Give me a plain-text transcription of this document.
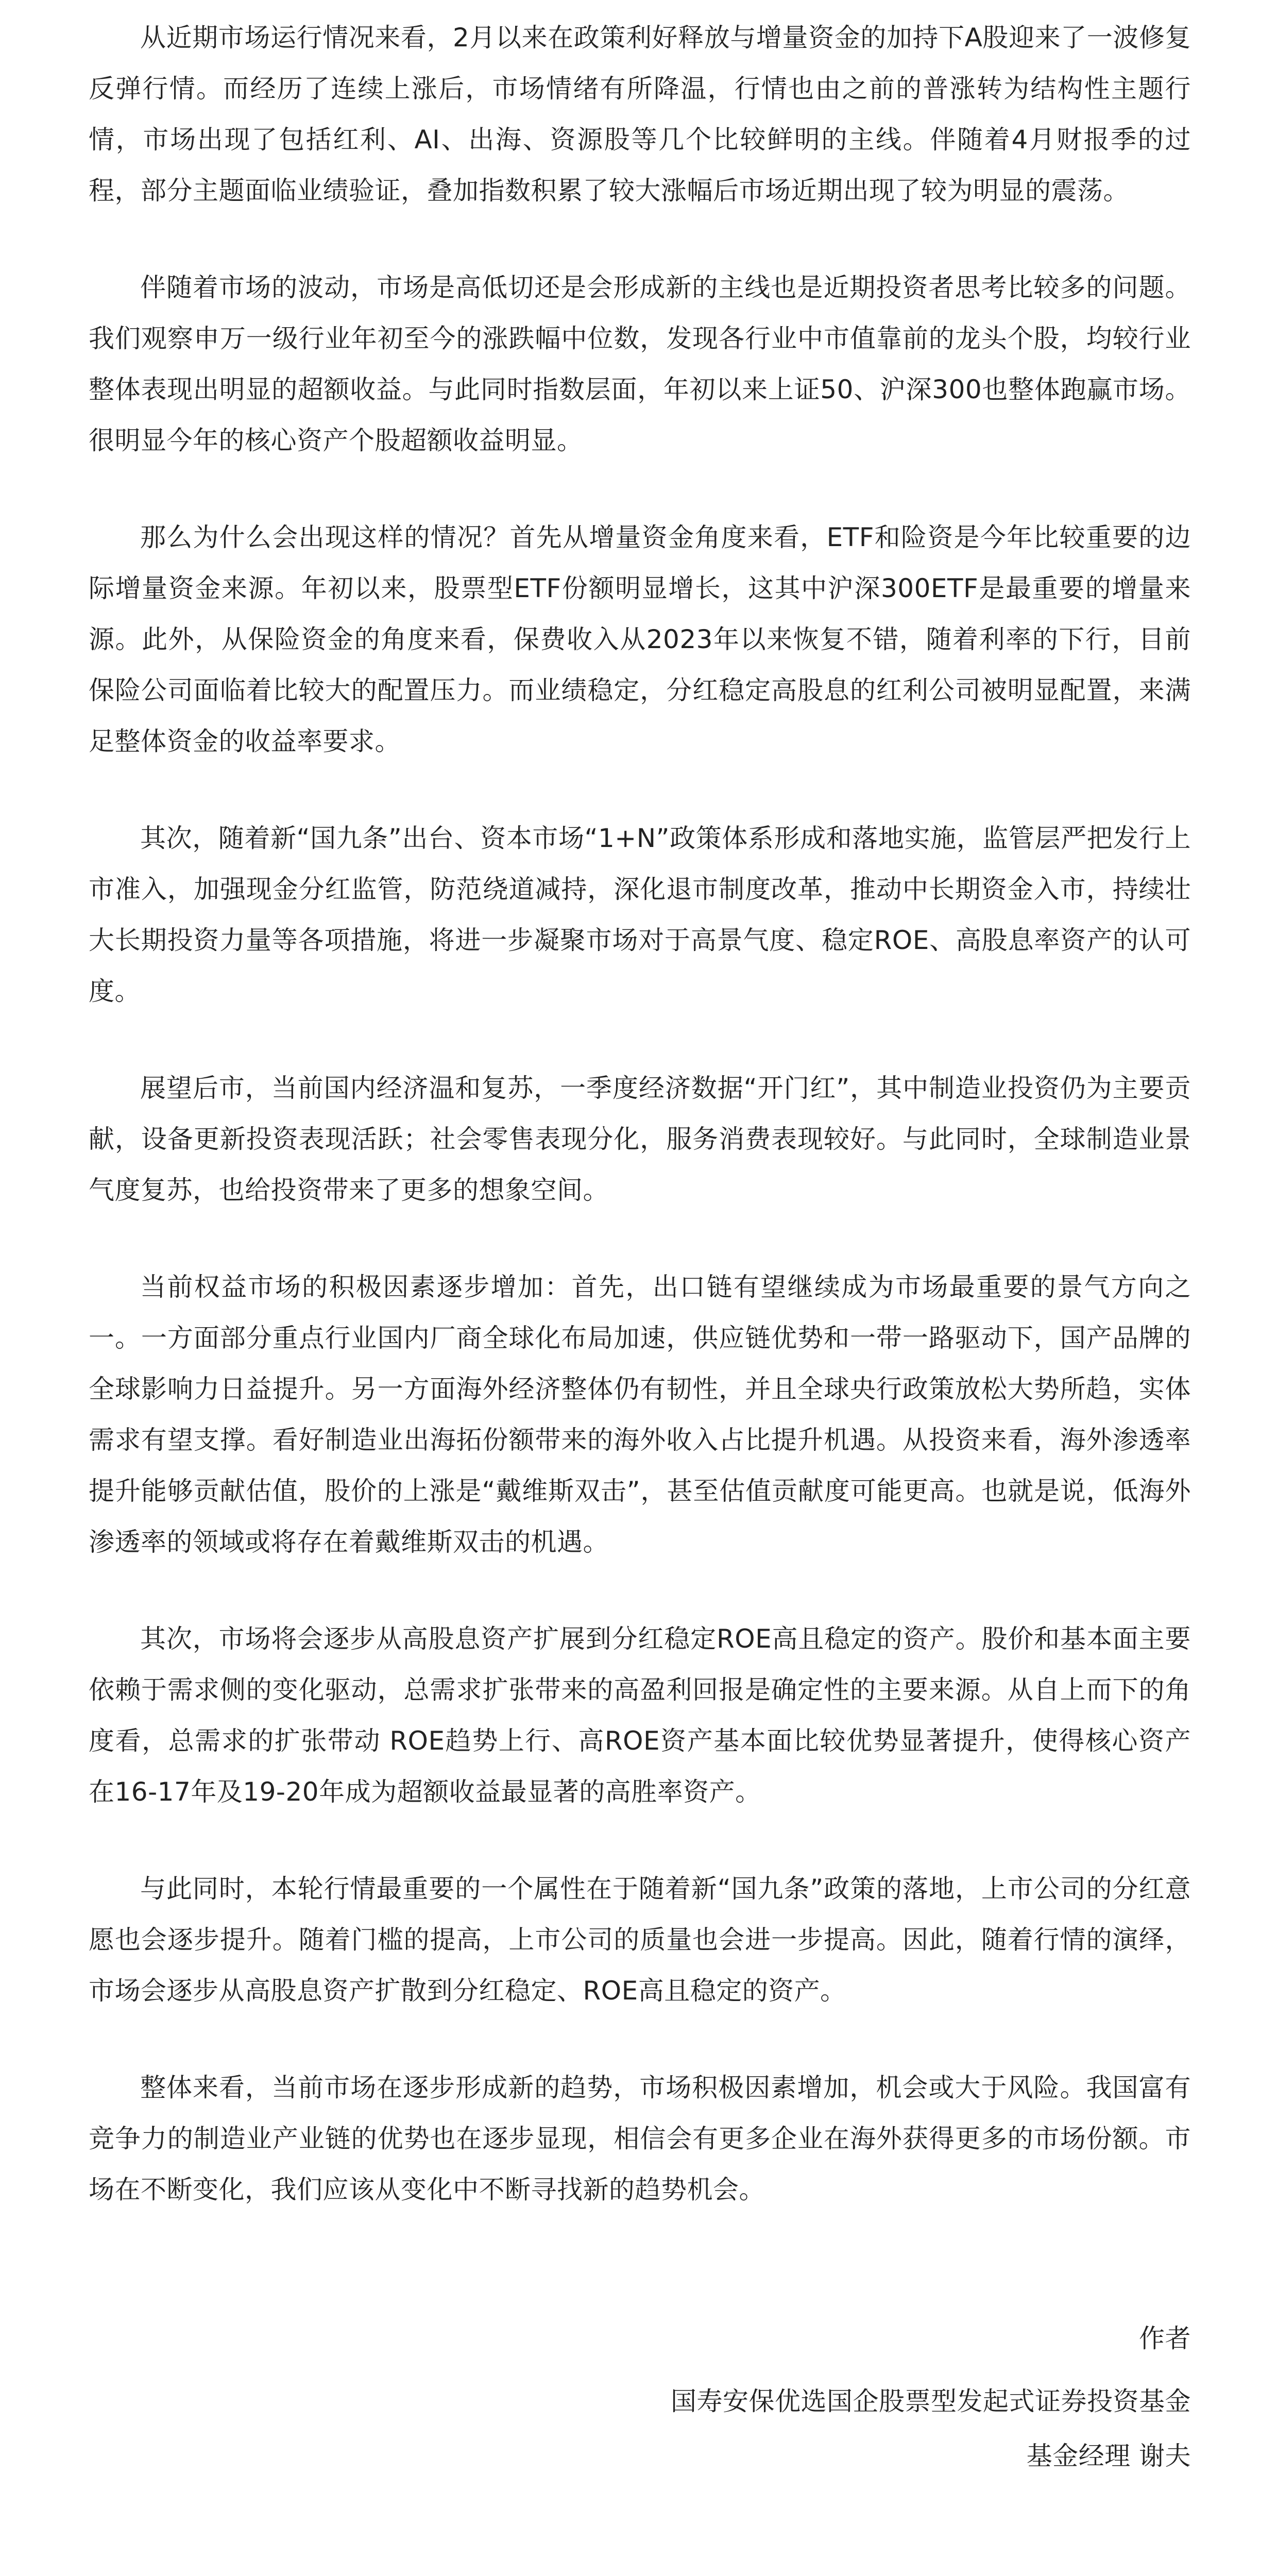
从近期市场运行情况来看，2月以来在政策利好释放与增量资金的加持下A股迎来了一波修复反弹行情。而经历了连续上涨后，市场情绪有所降温，行情也由之前的普涨转为结构性主题行情，市场出现了包括红利、AI、出海、资源股等几个比较鲜明的主线。伴随着4月财报季的过程，部分主题面临业绩验证，叠加指数积累了较大涨幅后市场近期出现了较为明显的震荡。

伴随着市场的波动，市场是高低切还是会形成新的主线也是近期投资者思考比较多的问题。我们观察申万一级行业年初至今的涨跌幅中位数，发现各行业中市值靠前的龙头个股，均较行业整体表现出明显的超额收益。与此同时指数层面，年初以来上证50、沪深300也整体跑赢市场。很明显今年的核心资产个股超额收益明显。

那么为什么会出现这样的情况？首先从增量资金角度来看，ETF和险资是今年比较重要的边际增量资金来源。年初以来，股票型ETF份额明显增长，这其中沪深300ETF是最重要的增量来源。此外，从保险资金的角度来看，保费收入从2023年以来恢复不错，随着利率的下行，目前保险公司面临着比较大的配置压力。而业绩稳定，分红稳定高股息的红利公司被明显配置，来满足整体资金的收益率要求。

其次，随着新“国九条”出台、资本市场“1+N”政策体系形成和落地实施，监管层严把发行上市准入，加强现金分红监管，防范绕道减持，深化退市制度改革，推动中长期资金入市，持续壮大长期投资力量等各项措施，将进一步凝聚市场对于高景气度、稳定ROE、高股息率资产的认可度。

展望后市，当前国内经济温和复苏，一季度经济数据“开门红”，其中制造业投资仍为主要贡献，设备更新投资表现活跃；社会零售表现分化，服务消费表现较好。与此同时，全球制造业景气度复苏，也给投资带来了更多的想象空间。

当前权益市场的积极因素逐步增加：首先，出口链有望继续成为市场最重要的景气方向之一。一方面部分重点行业国内厂商全球化布局加速，供应链优势和一带一路驱动下，国产品牌的全球影响力日益提升。另一方面海外经济整体仍有韧性，并且全球央行政策放松大势所趋，实体需求有望支撑。看好制造业出海拓份额带来的海外收入占比提升机遇。从投资来看，海外渗透率提升能够贡献估值，股价的上涨是“戴维斯双击”，甚至估值贡献度可能更高。也就是说，低海外渗透率的领域或将存在着戴维斯双击的机遇。

其次，市场将会逐步从高股息资产扩展到分红稳定ROE高且稳定的资产。股价和基本面主要依赖于需求侧的变化驱动，总需求扩张带来的高盈利回报是确定性的主要来源。从自上而下的角度看，总需求的扩张带动 ROE趋势上行、高ROE资产基本面比较优势显著提升，使得核心资产在16-17年及19-20年成为超额收益最显著的高胜率资产。

与此同时，本轮行情最重要的一个属性在于随着新“国九条”政策的落地，上市公司的分红意愿也会逐步提升。随着门槛的提高，上市公司的质量也会进一步提高。因此，随着行情的演绎，市场会逐步从高股息资产扩散到分红稳定、ROE高且稳定的资产。

整体来看，当前市场在逐步形成新的趋势，市场积极因素增加，机会或大于风险。我国富有竞争力的制造业产业链的优势也在逐步显现，相信会有更多企业在海外获得更多的市场份额。市场在不断变化，我们应该从变化中不断寻找新的趋势机会。

作者
国寿安保优选国企股票型发起式证券投资基金
基金经理 谢夫
